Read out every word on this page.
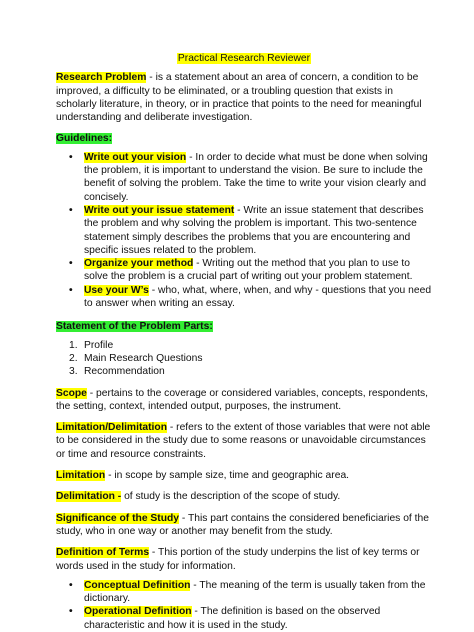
Practical Research Reviewer

Research Problem - is a statement about an area of concern, a condition to be improved, a difficulty to be eliminated, or a troubling question that exists in scholarly literature, in theory, or in practice that points to the need for meaningful understanding and deliberate investigation.

Guidelines:

• Write out your vision - In order to decide what must be done when solving the problem, it is important to understand the vision. Be sure to include the benefit of solving the problem. Take the time to write your vision clearly and concisely.
• Write out your issue statement - Write an issue statement that describes the problem and why solving the problem is important. This two-sentence statement simply describes the problems that you are encountering and specific issues related to the problem.
• Organize your method - Writing out the method that you plan to use to solve the problem is a crucial part of writing out your problem statement.
• Use your W’s - who, what, where, when, and why - questions that you need to answer when writing an essay.

Statement of the Problem Parts:

1. Profile
2. Main Research Questions
3. Recommendation

Scope - pertains to the coverage or considered variables, concepts, respondents, the setting, context, intended output, purposes, the instrument.

Limitation/Delimitation - refers to the extent of those variables that were not able to be considered in the study due to some reasons or unavoidable circumstances or time and resource constraints.

Limitation - in scope by sample size, time and geographic area.

Delimitation - of study is the description of the scope of study.

Significance of the Study - This part contains the considered beneficiaries of the study, who in one way or another may benefit from the study.

Definition of Terms - This portion of the study underpins the list of key terms or words used in the study for information.

• Conceptual Definition - The meaning of the term is usually taken from the dictionary.
• Operational Definition - The definition is based on the observed characteristic and how it is used in the study.
